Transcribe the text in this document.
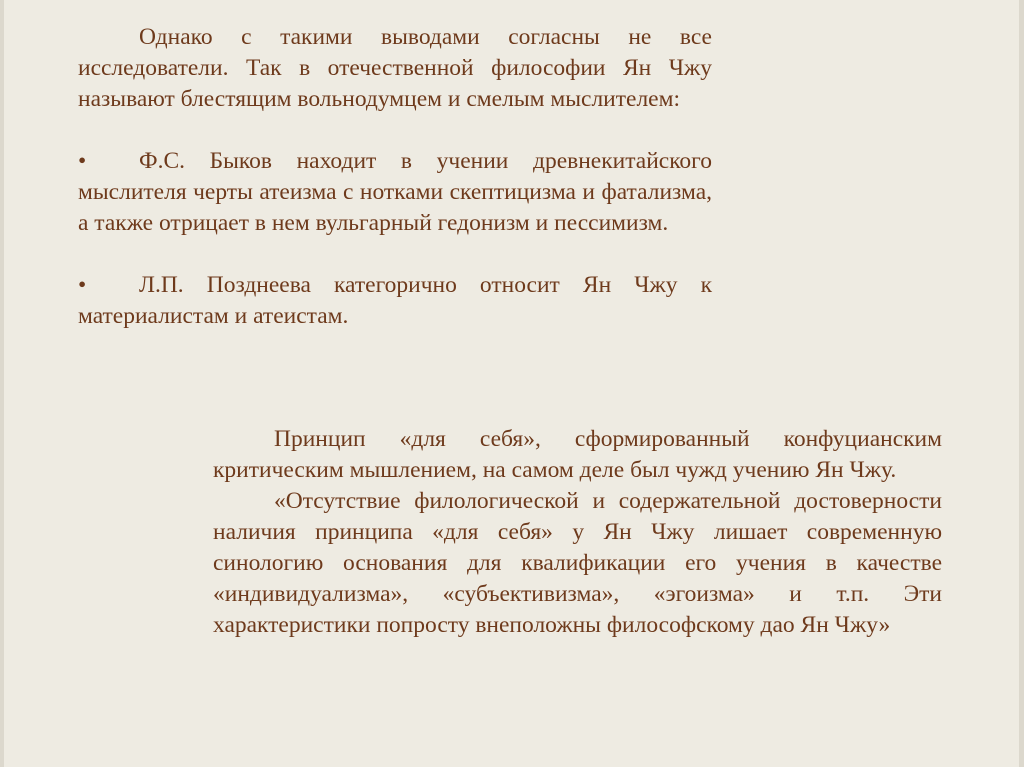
Однако с такими выводами согласны не все исследователи. Так в отечественной философии Ян Чжу называют блестящим вольнодумцем и смелым мыслителем:

• Ф.С. Быков находит в учении древнекитайского мыслителя черты атеизма с нотками скептицизма и фатализма, а также отрицает в нем вульгарный гедонизм и пессимизм.

• Л.П. Позднеева категорично относит Ян Чжу к материалистам и атеистам.

Принцип «для себя», сформированный конфуцианским критическим мышлением, на самом деле был чужд учению Ян Чжу.

«Отсутствие филологической и содержательной достоверности наличия принципа «для себя» у Ян Чжу лишает современную синологию основания для квалификации его учения в качестве «индивидуализма», «субъективизма», «эгоизма» и т.п. Эти характеристики попросту внеположны философскому дао Ян Чжу»
